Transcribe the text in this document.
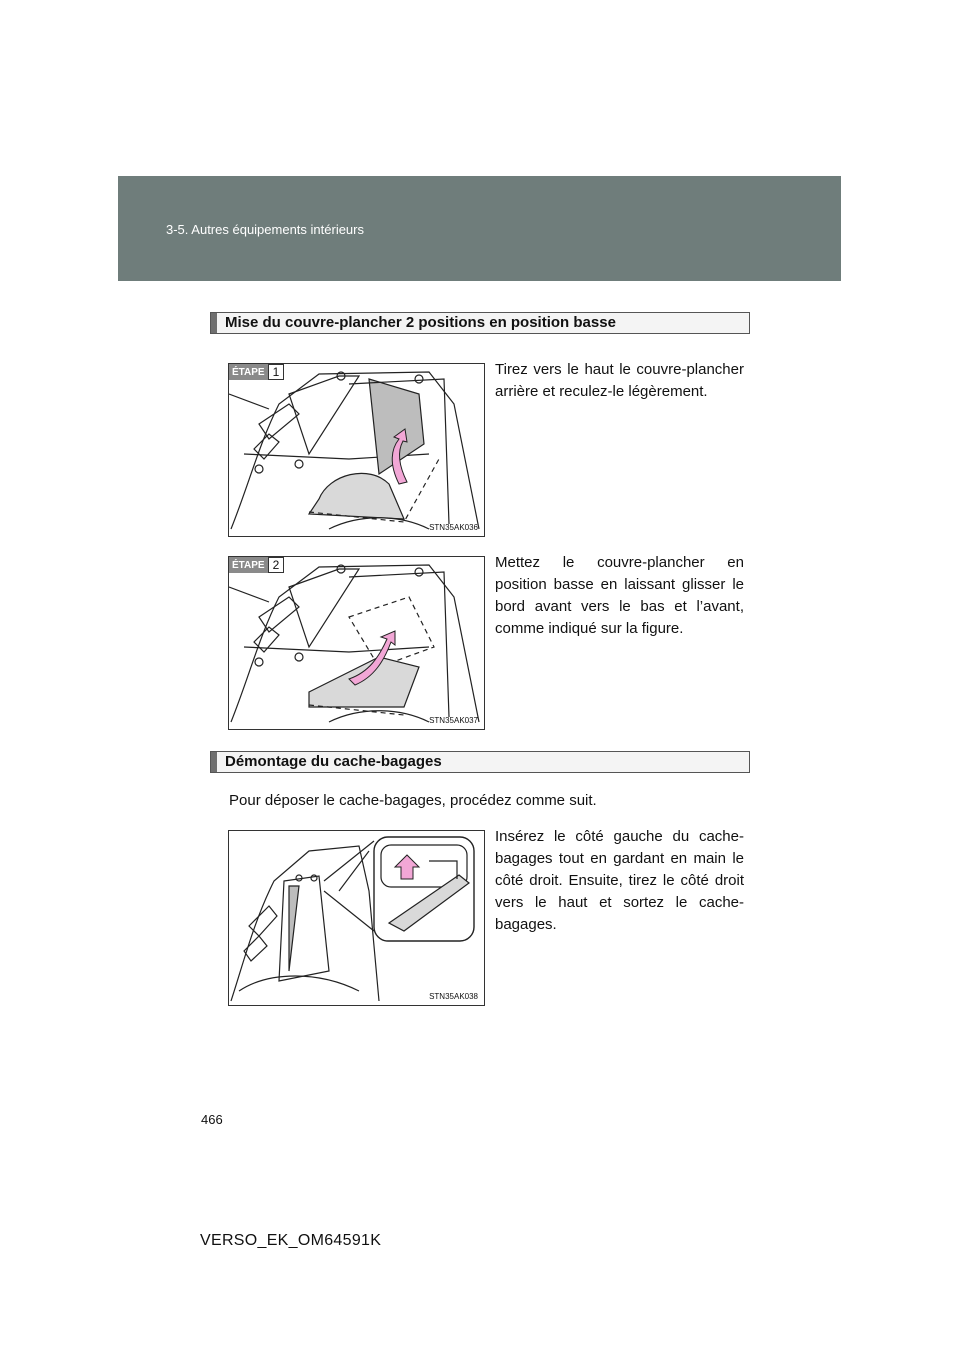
3-5. Autres équipements intérieurs
Mise du couvre-plancher 2 positions en position basse
ÉTAPE 1
STN35AK036
Tirez vers le haut le couvre-plancher arrière et reculez-le légèrement.
ÉTAPE 2
STN35AK037
Mettez le couvre-plancher en position basse en laissant glisser le bord avant vers le bas et l’avant, comme indiqué sur la figure.
Démontage du cache-bagages
Pour déposer le cache-bagages, procédez comme suit.
STN35AK038
Insérez le côté gauche du cache-bagages tout en gardant en main le côté droit. Ensuite, tirez le côté droit vers le haut et sortez le cache-bagages.
466
VERSO_EK_OM64591K
